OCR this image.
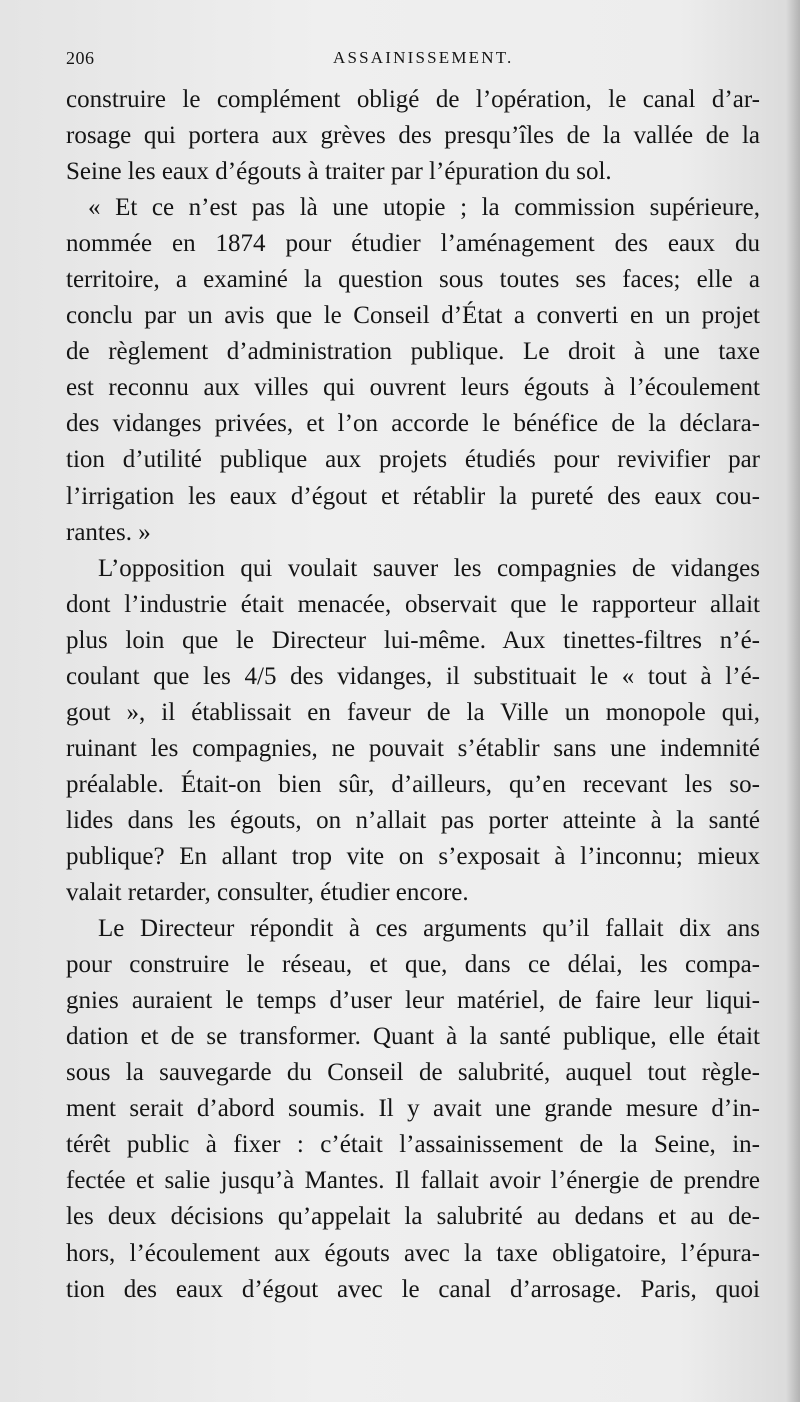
206	ASSAINISSEMENT.
construire le complément obligé de l’opération, le canal d’ar-
rosage qui portera aux grèves des presqu’îles de la vallée de la
Seine les eaux d’égouts à traiter par l’épuration du sol.
« Et ce n’est pas là une utopie ; la commission supérieure,
nommée en 1874 pour étudier l’aménagement des eaux du
territoire, a examiné la question sous toutes ses faces; elle a
conclu par un avis que le Conseil d’État a converti en un projet
de règlement d’administration publique. Le droit à une taxe
est reconnu aux villes qui ouvrent leurs égouts à l’écoulement
des vidanges privées, et l’on accorde le bénéfice de la déclara-
tion d’utilité publique aux projets étudiés pour revivifier par
l’irrigation les eaux d’égout et rétablir la pureté des eaux cou-
rantes. »
L’opposition qui voulait sauver les compagnies de vidanges
dont l’industrie était menacée, observait que le rapporteur allait
plus loin que le Directeur lui-même. Aux tinettes-filtres n’é-
coulant que les 4/5 des vidanges, il substituait le « tout à l’é-
gout », il établissait en faveur de la Ville un monopole qui,
ruinant les compagnies, ne pouvait s’établir sans une indemnité
préalable. Était-on bien sûr, d’ailleurs, qu’en recevant les so-
lides dans les égouts, on n’allait pas porter atteinte à la santé
publique? En allant trop vite on s’exposait à l’inconnu; mieux
valait retarder, consulter, étudier encore.
Le Directeur répondit à ces arguments qu’il fallait dix ans
pour construire le réseau, et que, dans ce délai, les compa-
gnies auraient le temps d’user leur matériel, de faire leur liqui-
dation et de se transformer. Quant à la santé publique, elle était
sous la sauvegarde du Conseil de salubrité, auquel tout règle-
ment serait d’abord soumis. Il y avait une grande mesure d’in-
térêt public à fixer : c’était l’assainissement de la Seine, in-
fectée et salie jusqu’à Mantes. Il fallait avoir l’énergie de prendre
les deux décisions qu’appelait la salubrité au dedans et au de-
hors, l’écoulement aux égouts avec la taxe obligatoire, l’épura-
tion des eaux d’égout avec le canal d’arrosage. Paris, quoi
